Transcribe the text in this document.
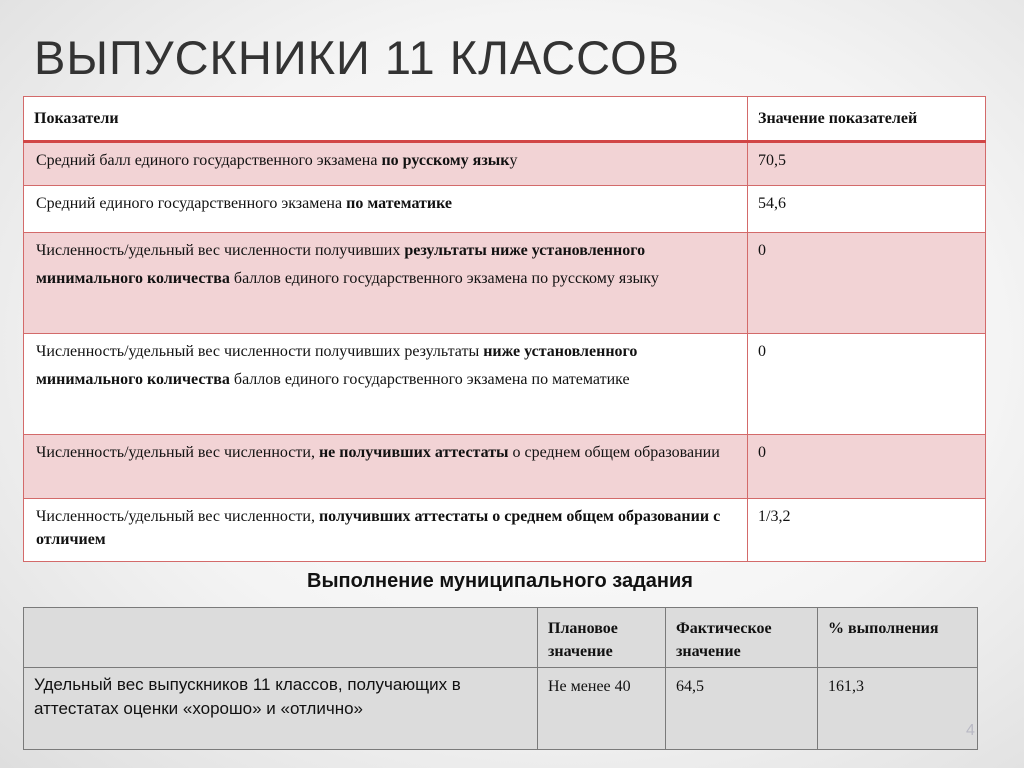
ВЫПУСКНИКИ 11 КЛАССОВ
Показатели	Значение показателей
Средний балл единого государственного экзамена по русскому языку	70,5
Средний единого государственного экзамена по математике	54,6
Численность/удельный вес численности получивших результаты ниже установленного минимального количества баллов единого государственного экзамена по русскому языку	0
Численность/удельный вес численности получивших результаты ниже установленного минимального количества баллов единого государственного экзамена по математике	0
Численность/удельный вес численности, не получивших аттестаты о среднем общем образовании	0
Численность/удельный вес численности, получивших аттестаты о среднем общем образовании с отличием	1/3,2
Выполнение муниципального задания
	Плановое значение	Фактическое значение	% выполнения
Удельный вес выпускников 11 классов, получающих в аттестатах оценки «хорошо» и «отлично»	Не менее 40	64,5	161,3
4
